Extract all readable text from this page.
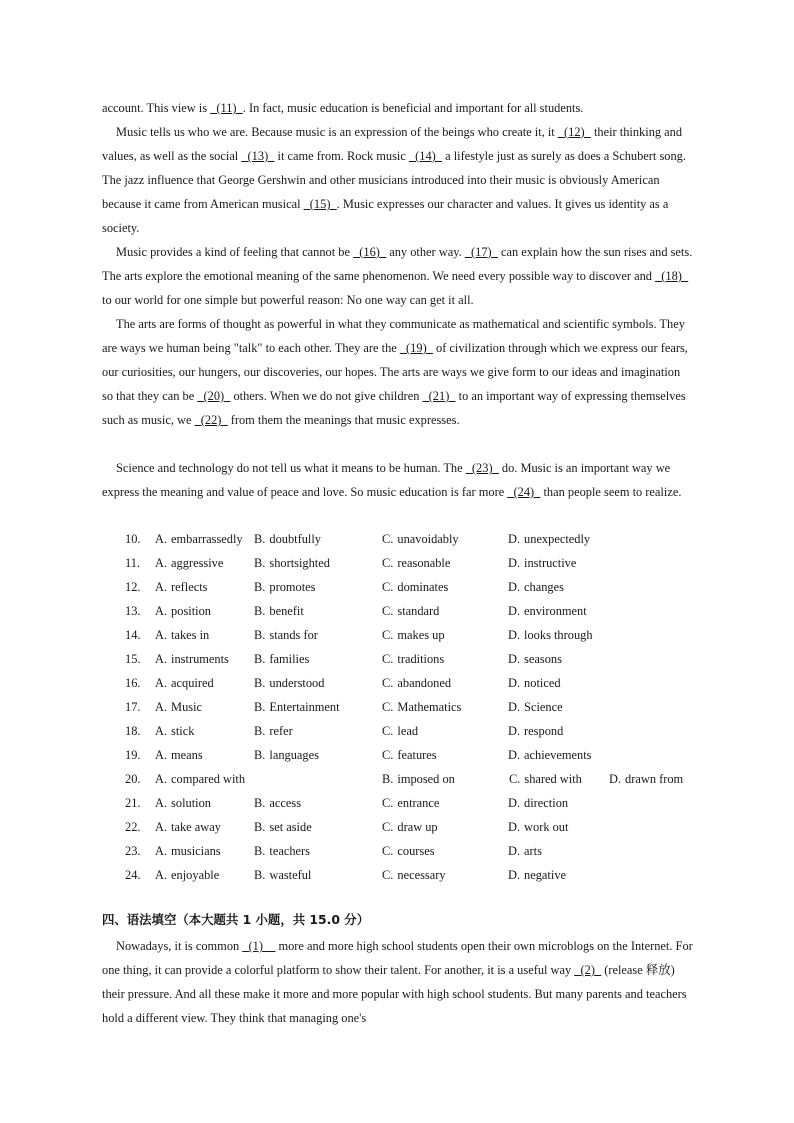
account. This view is _(11)_. In fact, music education is beneficial and important for all students.
Music tells us who we are. Because music is an expression of the beings who create it, it _(12)_ their thinking and values, as well as the social _(13)_ it came from. Rock music _(14)_ a lifestyle just as surely as does a Schubert song. The jazz influence that George Gershwin and other musicians introduced into their music is obviously American because it came from American musical _(15)_. Music expresses our character and values. It gives us identity as a society.
Music provides a kind of feeling that cannot be _(16)_ any other way. _(17)_ can explain how the sun rises and sets. The arts explore the emotional meaning of the same phenomenon. We need every possible way to discover and _(18)_ to our world for one simple but powerful reason: No one way can get it all.
The arts are forms of thought as powerful in what they communicate as mathematical and scientific symbols. They are ways we human being "talk" to each other. They are the _(19)_ of civilization through which we express our fears, our curiosities, our hungers, our discoveries, our hopes. The arts are ways we give form to our ideas and imagination so that they can be _(20)_ others. When we do not give children _(21)_ to an important way of expressing themselves such as music, we _(22)_ from them the meanings that music expresses.
Science and technology do not tell us what it means to be human. The _(23)_ do. Music is an important way we express the meaning and value of peace and love. So music education is far more _(24)_ than people seem to realize.
10. A. embarrassedly B. doubtfully	C. unavoidably	D. unexpectedly
11. A. aggressive B. shortsighted	C. reasonable	D. instructive
12. A. reflects	B. promotes	C. dominates	D. changes
13. A. position	B. benefit	C. standard	D. environment
14. A. takes in	B. stands for	C. makes up	D. looks through
15. A. instruments B. families	C. traditions	D. seasons
16. A. acquired	B. understood	C. abandoned	D. noticed
17. A. Music	B. Entertainment	C. Mathematics	D. Science
18. A. stick	B. refer	C. lead	D. respond
19. A. means	B. languages	C. features	D. achievements
20. A. compared with	B. imposed on	C. shared with D. drawn from
21. A. solution	B. access	C. entrance	D. direction
22. A. take away	B. set aside	C. draw up	D. work out
23. A. musicians	B. teachers	C. courses	D. arts
24. A. enjoyable	B. wasteful	C. necessary	D. negative
四、语法填空（本大题共 1 小题，共 15.0 分）
Nowadays, it is common _(1)__ more and more high school students open their own microblogs on the Internet. For one thing, it can provide a colorful platform to show their talent. For another, it is a useful way _(2)_ (release 释放) their pressure. And all these make it more and more popular with high school students. But many parents and teachers hold a different view. They think that managing one's
